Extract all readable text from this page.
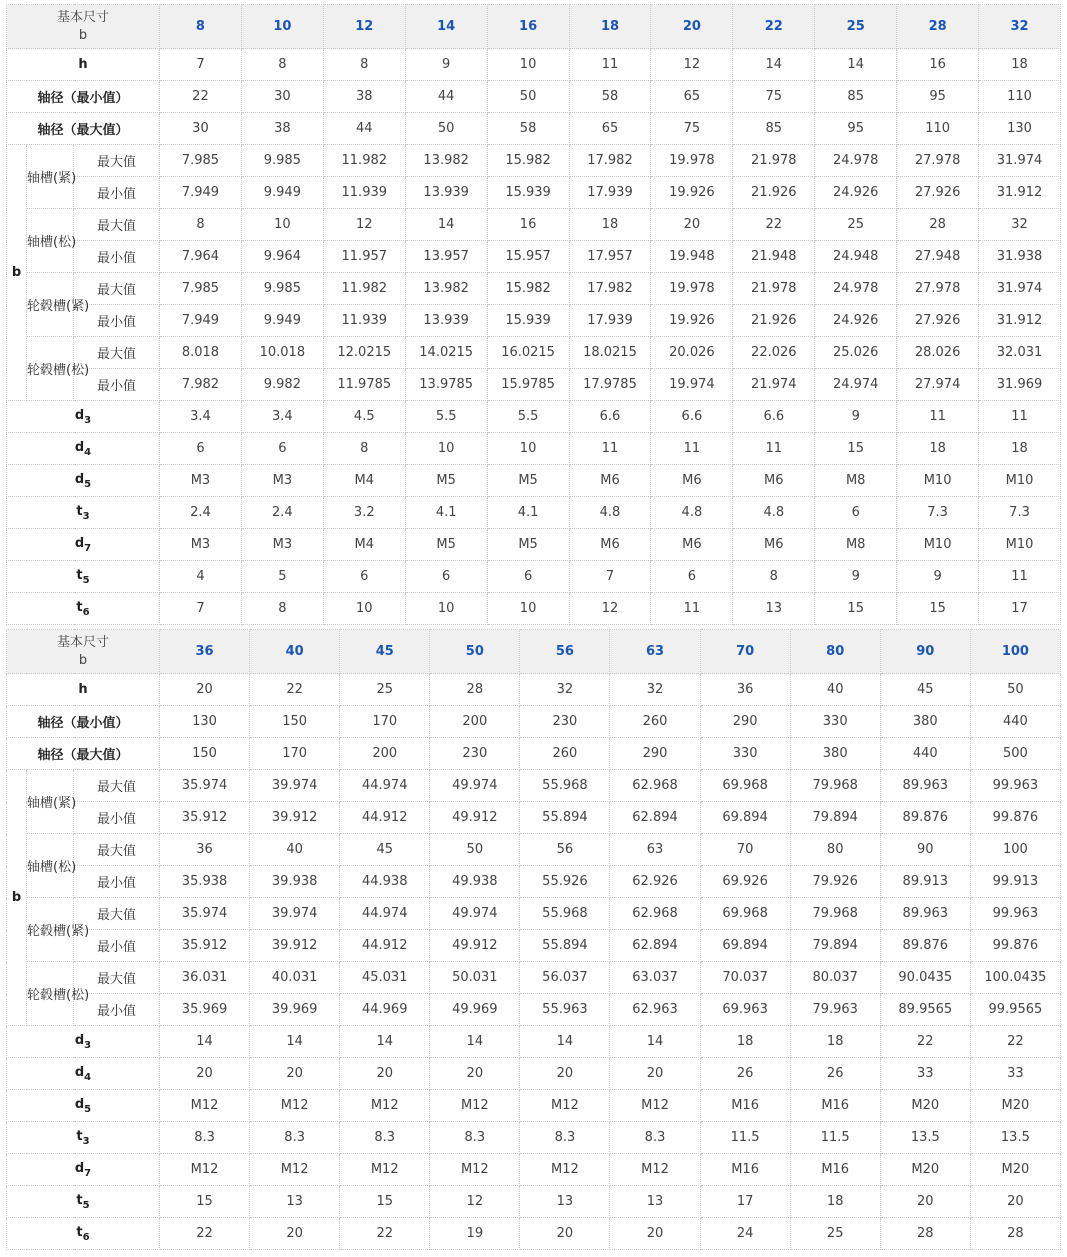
基本尺寸
b			8	10	12	14	16	18	20	22	25	28	32
h			7	8	8	9	10	11	12	14	14	16	18
轴径（最小值）			22	30	38	44	50	58	65	75	85	95	110
轴径（最大值）			30	38	44	50	58	65	75	85	95	110	130
b	轴槽(紧)	最大值	7.985	9.985	11.982	13.982	15.982	17.982	19.978	21.978	24.978	27.978	31.974
		最小值	7.949	9.949	11.939	13.939	15.939	17.939	19.926	21.926	24.926	27.926	31.912
	轴槽(松)	最大值	8	10	12	14	16	18	20	22	25	28	32
		最小值	7.964	9.964	11.957	13.957	15.957	17.957	19.948	21.948	24.948	27.948	31.938
	轮毂槽(紧)	最大值	7.985	9.985	11.982	13.982	15.982	17.982	19.978	21.978	24.978	27.978	31.974
		最小值	7.949	9.949	11.939	13.939	15.939	17.939	19.926	21.926	24.926	27.926	31.912
	轮毂槽(松)	最大值	8.018	10.018	12.0215	14.0215	16.0215	18.0215	20.026	22.026	25.026	28.026	32.031
		最小值	7.982	9.982	11.9785	13.9785	15.9785	17.9785	19.974	21.974	24.974	27.974	31.969
$d_3$			3.4	3.4	4.5	5.5	5.5	6.6	6.6	6.6	9	11	11
$d_4$			6	6	8	10	10	11	11	11	15	18	18
$d_5$			M3	M3	M4	M5	M5	M6	M6	M6	M8	M10	M10
$t_3$			2.4	2.4	3.2	4.1	4.1	4.8	4.8	4.8	6	7.3	7.3
$d_7$			M3	M3	M4	M5	M5	M6	M6	M6	M8	M10	M10
$t_5$			4	5	6	6	6	7	6	8	9	9	11
$t_6$			7	8	10	10	10	12	11	13	15	15	17
基本尺寸
b			36	40	45	50	56	63	70	80	90	100
h			20	22	25	28	32	32	36	40	45	50
轴径（最小值）			130	150	170	200	230	260	290	330	380	440
轴径（最大值）			150	170	200	230	260	290	330	380	440	500
b	轴槽(紧)	最大值	35.974	39.974	44.974	49.974	55.968	62.968	69.968	79.968	89.963	99.963
		最小值	35.912	39.912	44.912	49.912	55.894	62.894	69.894	79.894	89.876	99.876
	轴槽(松)	最大值	36	40	45	50	56	63	70	80	90	100
		最小值	35.938	39.938	44.938	49.938	55.926	62.926	69.926	79.926	89.913	99.913
	轮毂槽(紧)	最大值	35.974	39.974	44.974	49.974	55.968	62.968	69.968	79.968	89.963	99.963
		最小值	35.912	39.912	44.912	49.912	55.894	62.894	69.894	79.894	89.876	99.876
	轮毂槽(松)	最大值	36.031	40.031	45.031	50.031	56.037	63.037	70.037	80.037	90.0435	100.0435
		最小值	35.969	39.969	44.969	49.969	55.963	62.963	69.963	79.963	89.9565	99.9565
$d_3$			14	14	14	14	14	14	18	18	22	22
$d_4$			20	20	20	20	20	20	26	26	33	33
$d_5$			M12	M12	M12	M12	M12	M12	M16	M16	M20	M20
$t_3$			8.3	8.3	8.3	8.3	8.3	8.3	11.5	11.5	13.5	13.5
$d_7$			M12	M12	M12	M12	M12	M12	M16	M16	M20	M20
$t_5$			15	13	15	12	13	13	17	18	20	20
$t_6$			22	20	22	19	20	20	24	25	28	28
